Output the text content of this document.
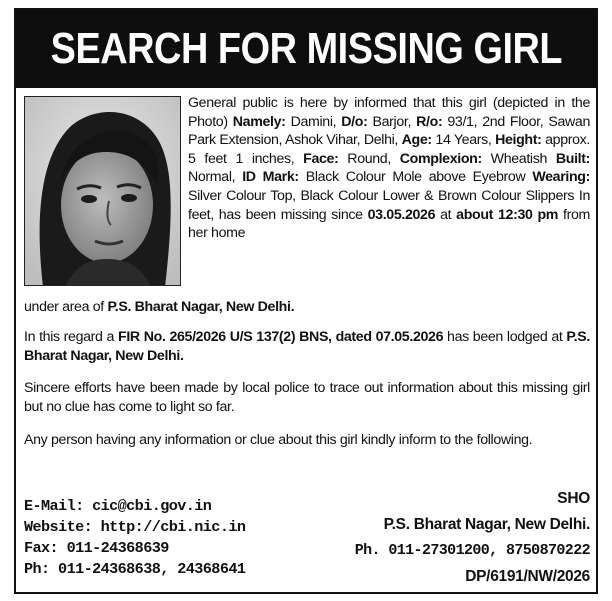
SEARCH FOR MISSING GIRL
General public is here by informed that this girl (depicted in the Photo) Namely: Damini, D/o: Barjor, R/o: 93/1, 2nd Floor, Sawan Park Extension, Ashok Vihar, Delhi, Age: 14 Years, Height: approx. 5 feet 1 inches, Face: Round, Complexion: Wheatish Built: Normal, ID Mark: Black Colour Mole above Eyebrow Wearing: Silver Colour Top, Black Colour Lower & Brown Colour Slippers In feet, has been missing since 03.05.2026 at about 12:30 pm from her home
under area of P.S. Bharat Nagar, New Delhi.
In this regard a FIR No. 265/2026 U/S 137(2) BNS, dated 07.05.2026 has been lodged at P.S. Bharat Nagar, New Delhi.
Sincere efforts have been made by local police to trace out information about this missing girl but no clue has come to light so far.
Any person having any information or clue about this girl kindly inform to the following.
E-Mail: cic@cbi.gov.in
Website: http://cbi.nic.in
Fax: 011-24368639
Ph: 011-24368638, 24368641
SHO
P.S. Bharat Nagar, New Delhi.
Ph. 011-27301200, 8750870222
DP/6191/NW/2026
